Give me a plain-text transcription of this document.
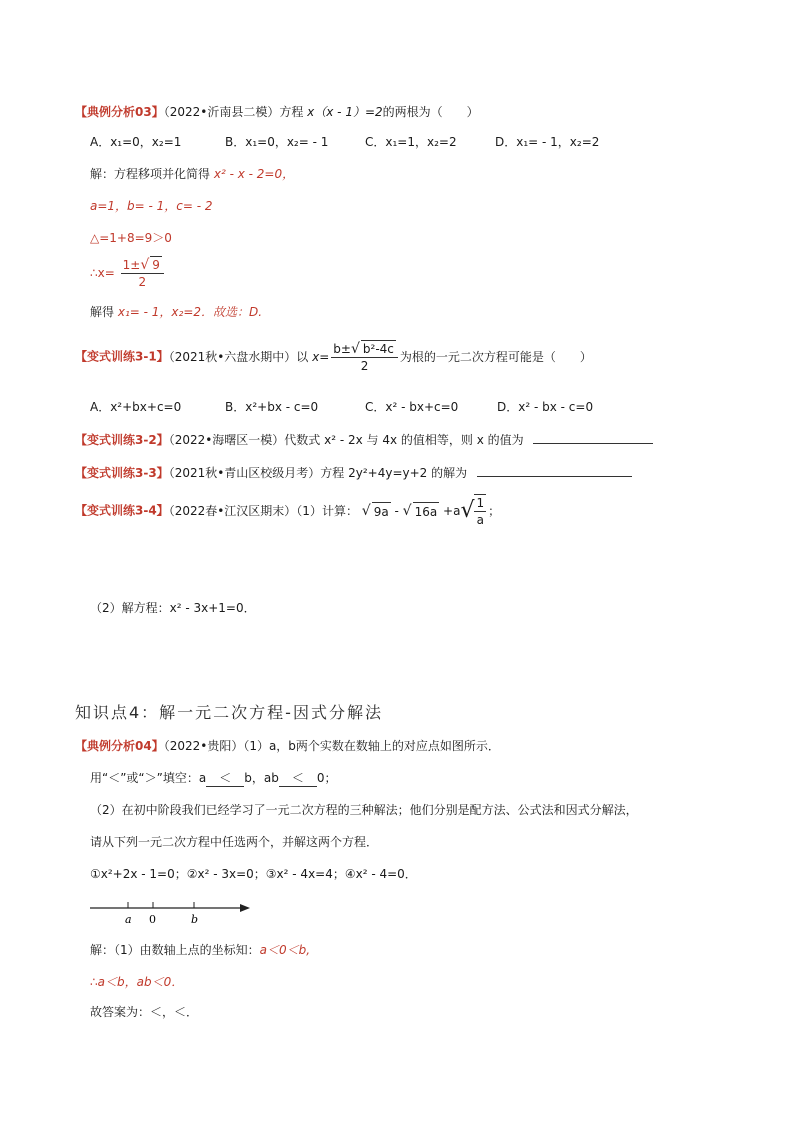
【典例分析03】（2022•沂南县二模）方程 x（x - 1）=2的两根为（　　）
A．x₁=0，x₂=1	B．x₁=0，x₂= - 1	C．x₁=1，x₂=2	D．x₁= - 1，x₂=2
解：方程移项并化简得 x² - x - 2=0，
a=1，b= - 1，c= - 2
△=1+8=9＞0
∴x= $\frac{1\pm√ 9}{2}$
解得 x₁= - 1，x₂=2．故选：D.
【变式训练3-1】（2021秋•六盘水期中）以 $x= \frac{\text{b±√ b²-4c}}{2}$ 为根的一元二次方程可能是（　　）
A．x²+bx+c=0	B．x²+bx - c=0	C．x² - bx+c=0	D．x² - bx - c=0
【变式训练3-2】（2022•海曙区一模）代数式 x² - 2x 与 4x 的值相等，则 x 的值为
【变式训练3-3】（2021秋•青山区校级月考）方程 2y²+4y=y+2 的解为
【变式训练3-4】（2022春•江汉区期末）（1）计算： √ 9a - √ $16a +a√ \frac{1}{a}$ ；
（2）解方程：x² - 3x+1=0．
知识点4：解一元二次方程-因式分解法
【典例分析04】（2022•贵阳）（1）a，b两个实数在数轴上的对应点如图所示．
用“＜”或“＞”填空：a ＜ b，ab ＜ 0；
（2）在初中阶段我们已经学习了一元二次方程的三种解法；他们分别是配方法、公式法和因式分解法，
请从下列一元二次方程中任选两个，并解这两个方程．
①x²+2x - 1=0；②x² - 3x=0；③x² - 4x=4；④x² - 4=0．
a 0	b
解：（1）由数轴上点的坐标知：a＜0＜b,
∴a＜b，ab＜0．
故答案为：＜，＜．
